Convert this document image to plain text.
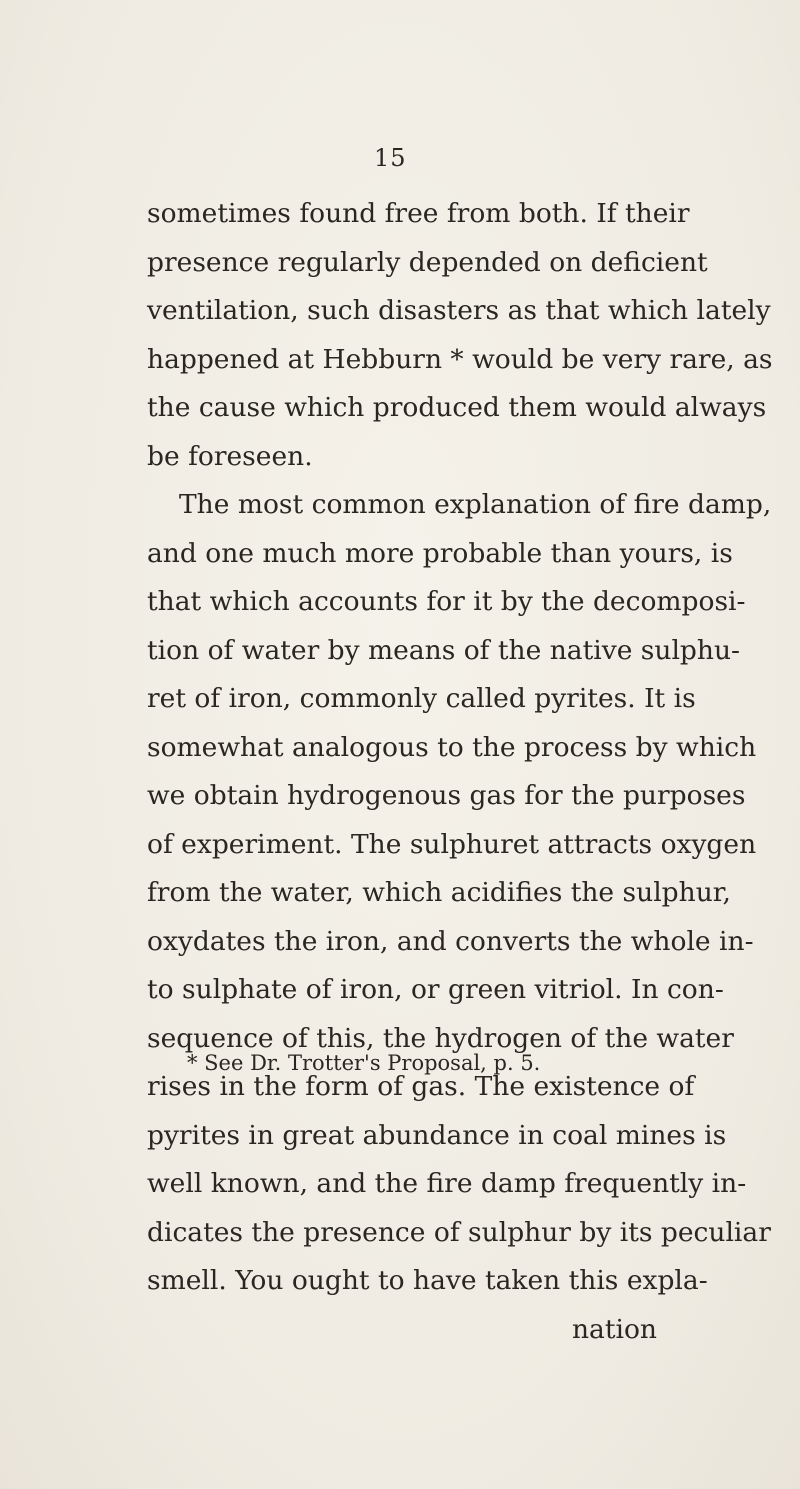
15
sometimes found free from both. If their
presence regularly depended on deficient
ventilation, such disasters as that which lately
happened at Hebburn * would be very rare, as
the cause which produced them would always
be foreseen.
The most common explanation of fire damp,
and one much more probable than yours, is
that which accounts for it by the decomposi-
tion of water by means of the native sulphu-
ret of iron, commonly called pyrites. It is
somewhat analogous to the process by which
we obtain hydrogenous gas for the purposes
of experiment. The sulphuret attracts oxygen
from the water, which acidifies the sulphur,
oxydates the iron, and converts the whole in-
to sulphate of iron, or green vitriol. In con-
sequence of this, the hydrogen of the water
rises in the form of gas. The existence of
pyrites in great abundance in coal mines is
well known, and the fire damp frequently in-
dicates the presence of sulphur by its peculiar
smell. You ought to have taken this expla-
nation
* See Dr. Trotter's Proposal, p. 5.
